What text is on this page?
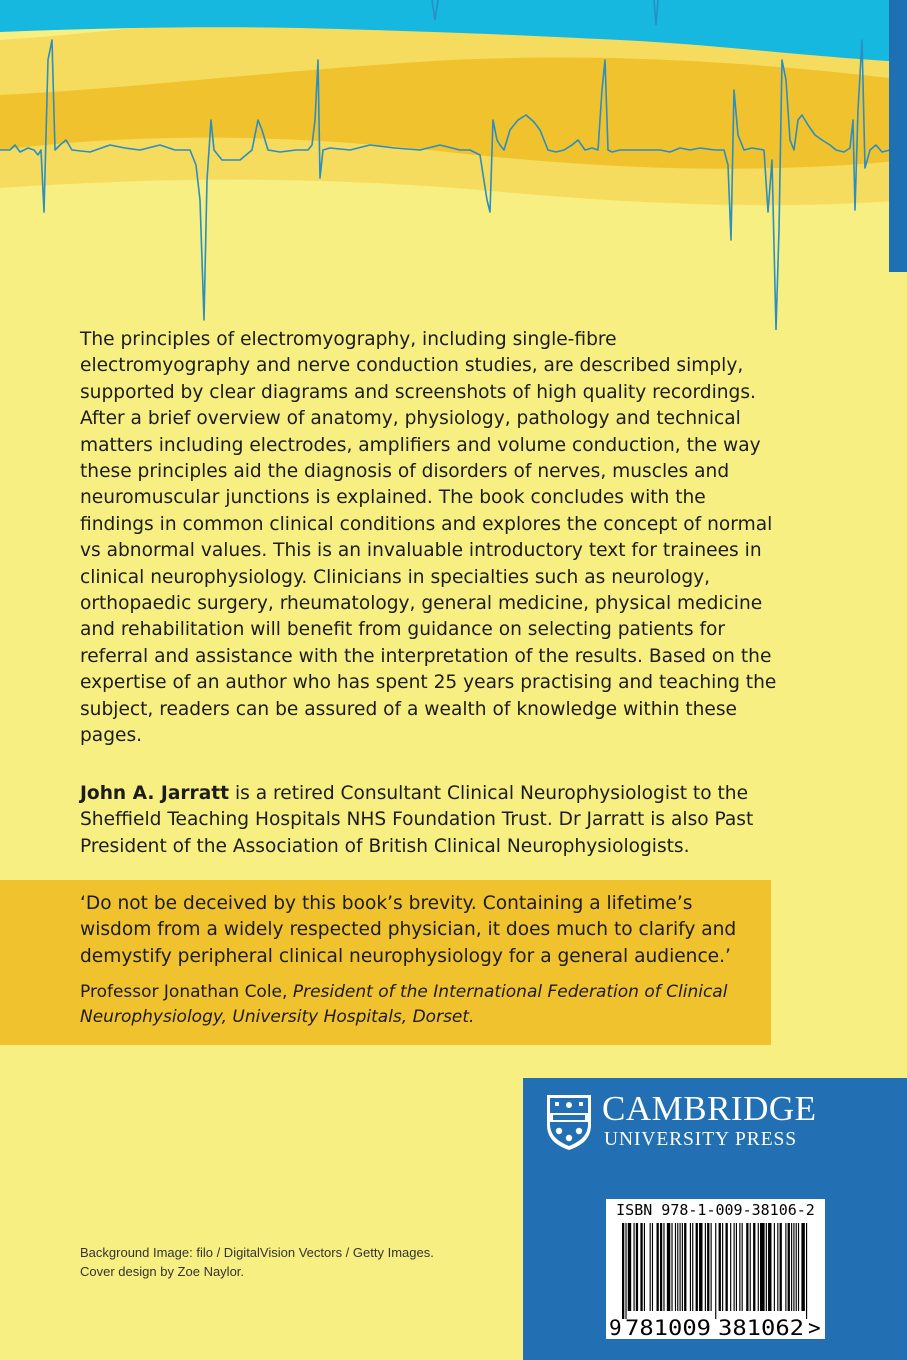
The principles of electromyography, including single-fibre electromyography and nerve conduction studies, are described simply, supported by clear diagrams and screenshots of high quality recordings. After a brief overview of anatomy, physiology, pathology and technical matters including electrodes, amplifiers and volume conduction, the way these principles aid the diagnosis of disorders of nerves, muscles and neuromuscular junctions is explained. The book concludes with the findings in common clinical conditions and explores the concept of normal vs abnormal values. This is an invaluable introductory text for trainees in clinical neurophysiology. Clinicians in specialties such as neurology, orthopaedic surgery, rheumatology, general medicine, physical medicine and rehabilitation will benefit from guidance on selecting patients for referral and assistance with the interpretation of the results. Based on the expertise of an author who has spent 25 years practising and teaching the subject, readers can be assured of a wealth of knowledge within these pages.

John A. Jarratt is a retired Consultant Clinical Neurophysiologist to the Sheffield Teaching Hospitals NHS Foundation Trust. Dr Jarratt is also Past President of the Association of British Clinical Neurophysiologists.

‘Do not be deceived by this book’s brevity. Containing a lifetime’s wisdom from a widely respected physician, it does much to clarify and demystify peripheral clinical neurophysiology for a general audience.’

Professor Jonathan Cole, President of the International Federation of Clinical Neurophysiology, University Hospitals, Dorset.

Background Image: filo / DigitalVision Vectors / Getty Images.
Cover design by Zoe Naylor.
CAMBRIDGE
UNIVERSITY PRESS
ISBN 978-1-009-38106-2
9 781009 381062 >
